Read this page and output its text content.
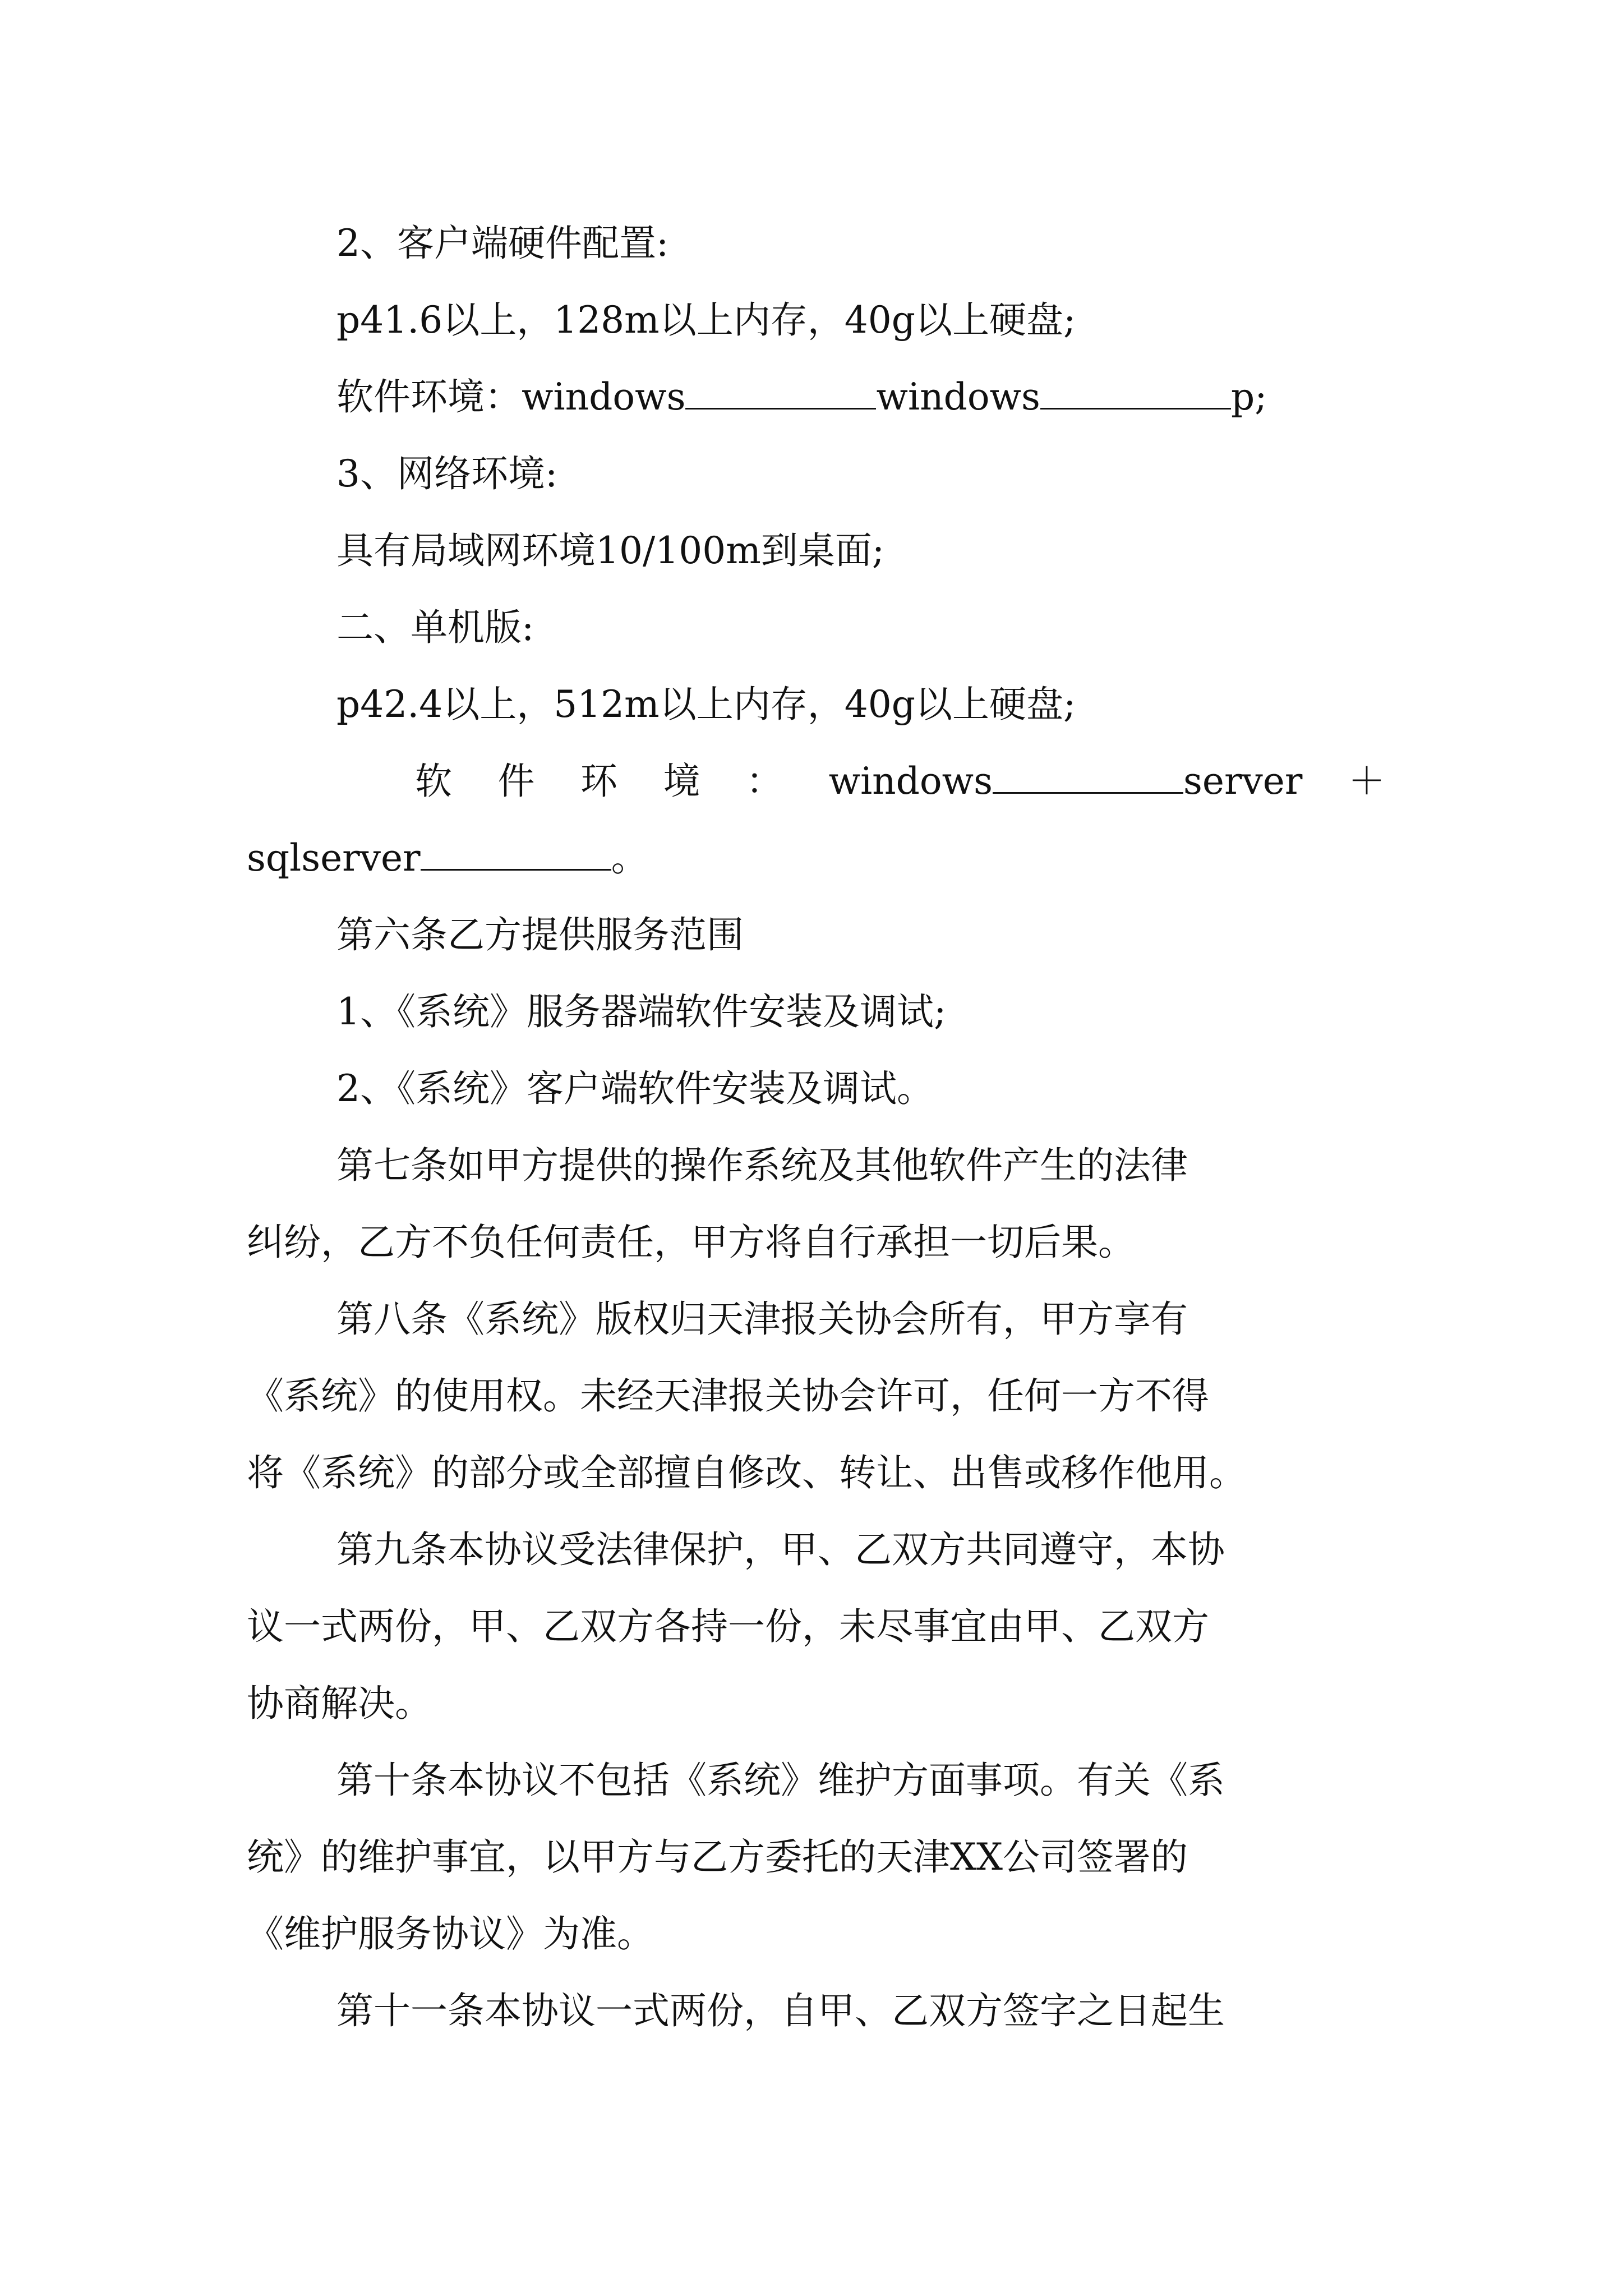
2、客户端硬件配置:
p41.6以上，128m以上内存，40g以上硬盘;
软件环境：windows	windows	p;
3、网络环境:
具有局域网环境10/100m到桌面;
二、单机版:
p42.4以上，512m以上内存，40g以上硬盘;
软 件 环 境 ： windows	server ＋
sqlserver	。
第六条乙方提供服务范围
1、《系统》服务器端软件安装及调试;
2、《系统》客户端软件安装及调试。
第七条如甲方提供的操作系统及其他软件产生的法律
纠纷，乙方不负任何责任，甲方将自行承担一切后果。
第八条《系统》版权归天津报关协会所有，甲方享有
《系统》的使用权。未经天津报关协会许可，任何一方不得
将《系统》的部分或全部擅自修改、转让、出售或移作他用。
第九条本协议受法律保护，甲、乙双方共同遵守，本协
议一式两份，甲、乙双方各持一份，未尽事宜由甲、乙双方
协商解决。
第十条本协议不包括《系统》维护方面事项。有关《系
统》的维护事宜，以甲方与乙方委托的天津XX公司签署的
《维护服务协议》为准。
第十一条本协议一式两份，自甲、乙双方签字之日起生
